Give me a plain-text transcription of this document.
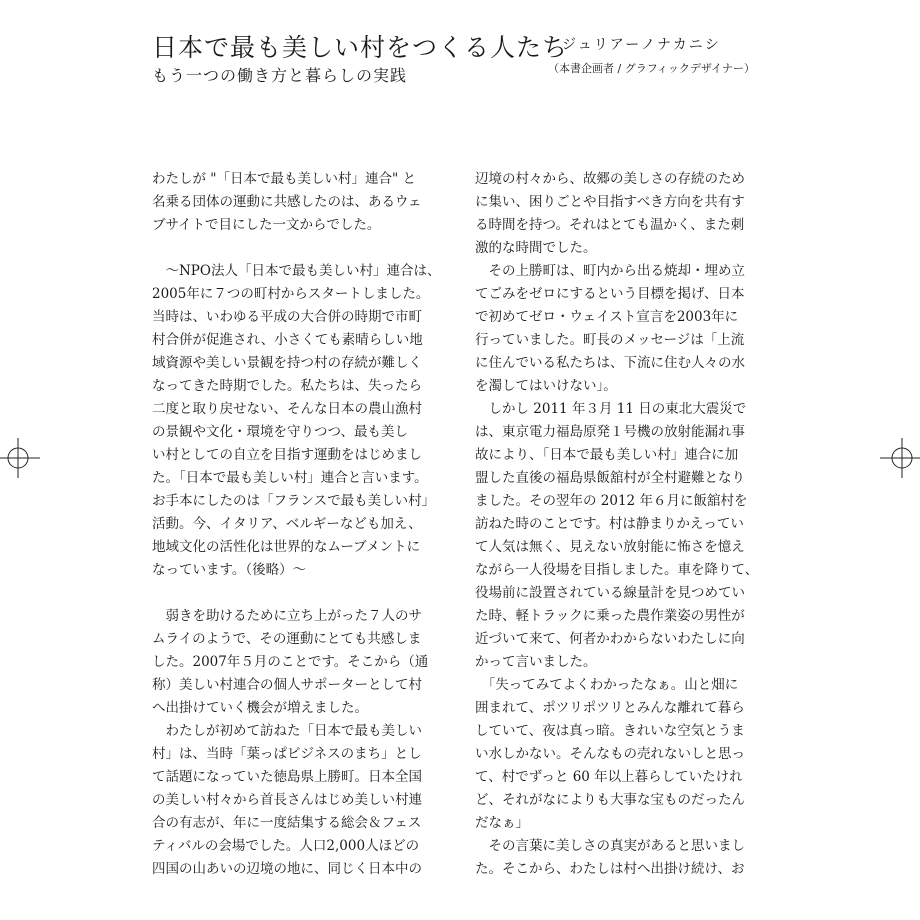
日本で最も美しい村をつくる人たち
もう一つの働き方と暮らしの実践
ジュリアーノナカニシ
（本書企画者 / グラフィックデザイナー）

わたしが "「日本で最も美しい村」連合" と
名乗る団体の運動に共感したのは、あるウェ
ブサイトで目にした一文からでした。

　～NPO法人「日本で最も美しい村」連合は、
2005年に７つの町村からスタートしました。
当時は、いわゆる平成の大合併の時期で市町
村合併が促進され、小さくても素晴らしい地
域資源や美しい景観を持つ村の存続が難しく
なってきた時期でした。私たちは、失ったら
二度と取り戻せない、そんな日本の農山漁村
の景観や文化・環境を守りつつ、最も美し
い村としての自立を目指す運動をはじめまし
た。「日本で最も美しい村」連合と言います。
お手本にしたのは「フランスで最も美しい村」
活動。今、イタリア、ベルギーなども加え、
地域文化の活性化は世界的なムーブメントに
なっています。（後略）～

　弱きを助けるために立ち上がった７人のサ
ムライのようで、その運動にとても共感しま
した。2007年５月のことです。そこから（通
称）美しい村連合の個人サポーターとして村
へ出掛けていく機会が増えました。

　わたしが初めて訪ねた「日本で最も美しい
村」は、当時「葉っぱビジネスのまち」とし
て話題になっていた徳島県上勝町。日本全国
の美しい村々から首長さんはじめ美しい村連
合の有志が、年に一度結集する総会＆フェス
ティバルの会場でした。人口2,000人ほどの
四国の山あいの辺境の地に、同じく日本中の

辺境の村々から、故郷の美しさの存続のため
に集い、困りごとや目指すべき方向を共有す
る時間を持つ。それはとても温かく、また刺
激的な時間でした。

　その上勝町は、町内から出る焼却・埋め立
てごみをゼロにするという目標を掲げ、日本
で初めてゼロ・ウェイスト宣言を2003年に
行っていました。町長のメッセージは「上流
に住んでいる私たちは、下流に住む人々の水
を濁してはいけない」。

　しかし 2011 年３月 11 日の東北大震災で
は、東京電力福島原発１号機の放射能漏れ事
故により、「日本で最も美しい村」連合に加
盟した直後の福島県飯舘村が全村避難となり
ました。その翌年の 2012 年６月に飯舘村を
訪ねた時のことです。村は静まりかえってい
て人気は無く、見えない放射能に怖さを憶え
ながら一人役場を目指しました。車を降りて、
役場前に設置されている線量計を見つめてい
た時、軽トラックに乗った農作業姿の男性が
近づいて来て、何者かわからないわたしに向
かって言いました。

　「失ってみてよくわかったなぁ。山と畑に
囲まれて、ポツリポツリとみんな離れて暮ら
していて、夜は真っ暗。きれいな空気とうま
い水しかない。そんなもの売れないしと思っ
て、村でずっと 60 年以上暮らしていたけれ
ど、それがなによりも大事な宝ものだったん
だなぁ」

　その言葉に美しさの真実があると思いまし
た。そこから、わたしは村へ出掛け続け、お
